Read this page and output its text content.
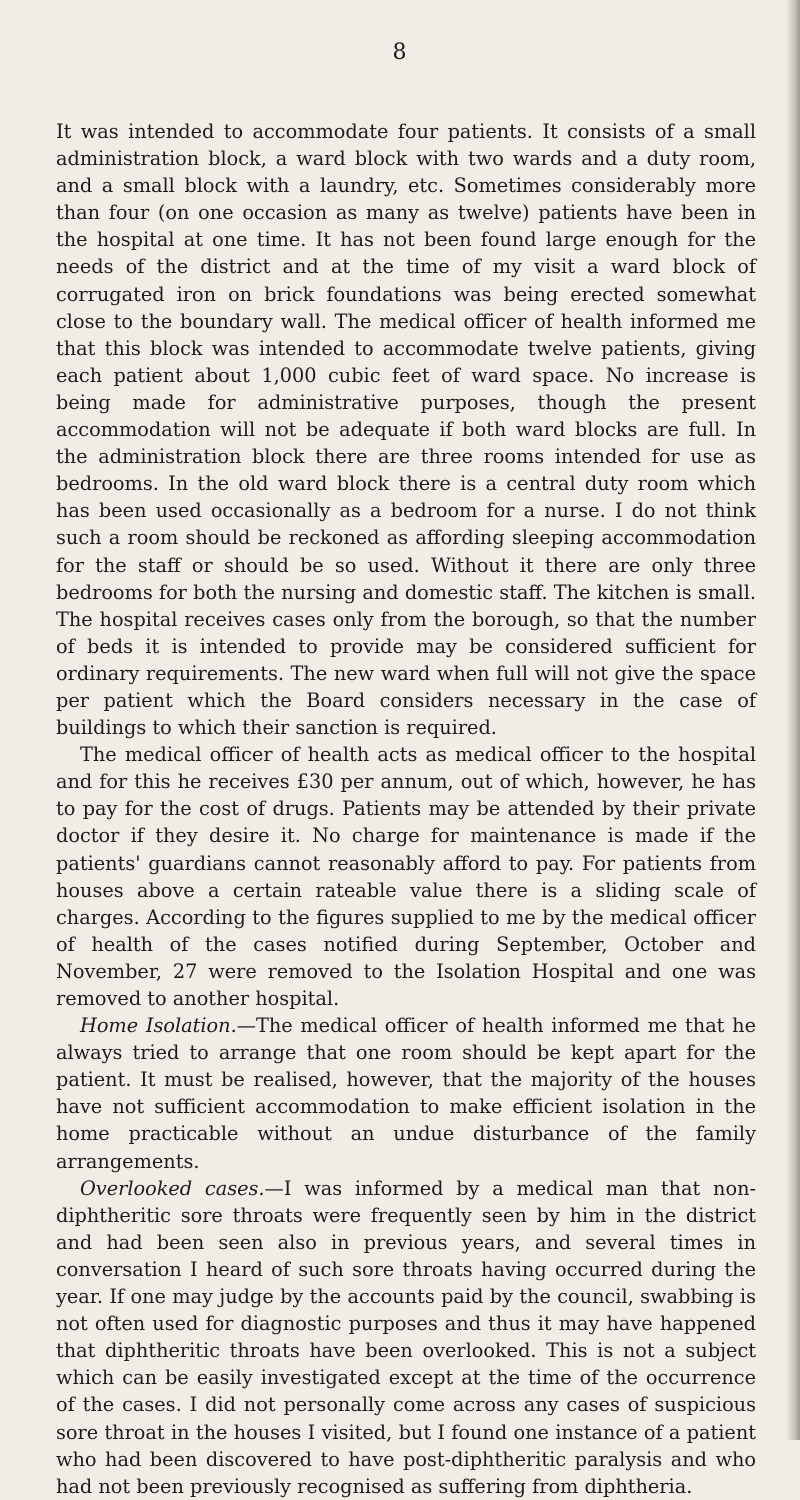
8

It was intended to accommodate four patients. It consists of a small administration block, a ward block with two wards and a duty room, and a small block with a laundry, etc. Sometimes considerably more than four (on one occasion as many as twelve) patients have been in the hospital at one time. It has not been found large enough for the needs of the district and at the time of my visit a ward block of corrugated iron on brick foundations was being erected somewhat close to the boundary wall. The medical officer of health informed me that this block was intended to accommodate twelve patients, giving each patient about 1,000 cubic feet of ward space. No increase is being made for administrative purposes, though the present accommodation will not be adequate if both ward blocks are full. In the administration block there are three rooms intended for use as bedrooms. In the old ward block there is a central duty room which has been used occasionally as a bedroom for a nurse. I do not think such a room should be reckoned as affording sleeping accommodation for the staff or should be so used. Without it there are only three bedrooms for both the nursing and domestic staff. The kitchen is small. The hospital receives cases only from the borough, so that the number of beds it is intended to provide may be considered sufficient for ordinary requirements. The new ward when full will not give the space per patient which the Board considers necessary in the case of buildings to which their sanction is required.

The medical officer of health acts as medical officer to the hospital and for this he receives £30 per annum, out of which, however, he has to pay for the cost of drugs. Patients may be attended by their private doctor if they desire it. No charge for maintenance is made if the patients' guardians cannot reasonably afford to pay. For patients from houses above a certain rateable value there is a sliding scale of charges. According to the figures supplied to me by the medical officer of health of the cases notified during September, October and November, 27 were removed to the Isolation Hospital and one was removed to another hospital.

Home Isolation.—The medical officer of health informed me that he always tried to arrange that one room should be kept apart for the patient. It must be realised, however, that the majority of the houses have not sufficient accommodation to make efficient isolation in the home practicable without an undue disturbance of the family arrangements.

Overlooked cases.—I was informed by a medical man that non-diphtheritic sore throats were frequently seen by him in the district and had been seen also in previous years, and several times in conversation I heard of such sore throats having occurred during the year. If one may judge by the accounts paid by the council, swabbing is not often used for diagnostic purposes and thus it may have happened that diphtheritic throats have been overlooked. This is not a subject which can be easily investigated except at the time of the occurrence of the cases. I did not personally come across any cases of suspicious sore throat in the houses I visited, but I found one instance of a patient who had been discovered to have post-diphtheritic paralysis and who had not been previously recognised as suffering from diphtheria.
